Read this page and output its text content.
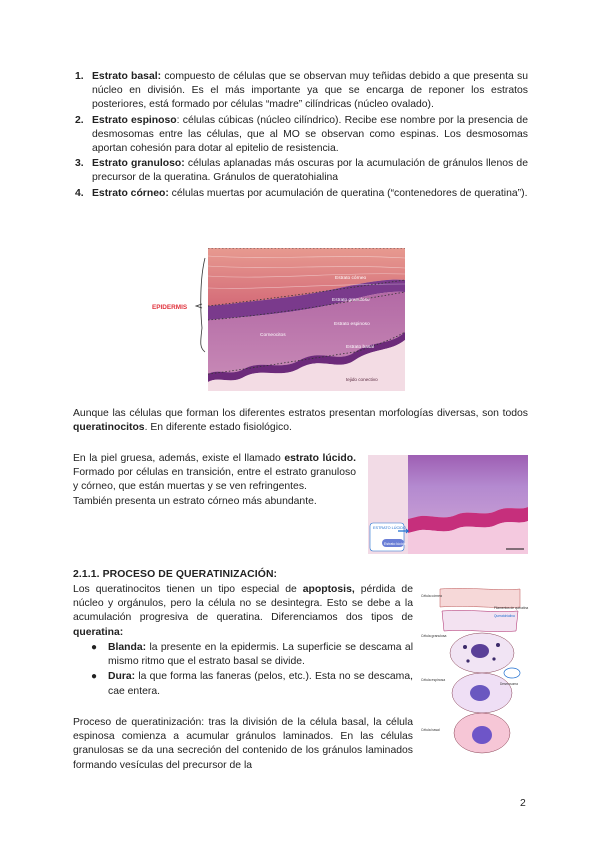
1. Estrato basal: compuesto de células que se observan muy teñidas debido a que presenta su núcleo en división. Es el más importante ya que se encarga de reponer los estratos posteriores, está formado por células “madre” cilíndricas (núcleo ovalado).
2. Estrato espinoso: células cúbicas (núcleo cilíndrico). Recibe ese nombre por la presencia de desmosomas entre las células, que al MO se observan como espinas. Los desmosomas aportan cohesión para dotar al epitelio de resistencia.
3. Estrato granuloso: células aplanadas más oscuras por la acumulación de gránulos llenos de precursor de la queratina. Gránulos de queratohialina
4. Estrato córneo: células muertas por acumulación de queratina (“contenedores de queratina”).
EPIDERMIS
Estrato córneo
Estrato granuloso
Estrato espinoso
Estrato basal
Corneocitos
tejido conectivo

Aunque las células que forman los diferentes estratos presentan morfologías diversas, son todos queratinocitos. En diferente estado fisiológico.

En la piel gruesa, además, existe el llamado estrato lúcido. Formado por células en transición, entre el estrato granuloso y córneo, que están muertas y se ven refringentes.
También presenta un estrato córneo más abundante.

ESTRATO LÚCIDO
Estrato lúcido
2.1.1. PROCESO DE QUERATINIZACIÓN:

Los queratinocitos tienen un tipo especial de apoptosis, pérdida de núcleo y orgánulos, pero la célula no se desintegra. Esto se debe a la acumulación progresiva de queratina. Diferenciamos dos tipos de queratina:

● Blanda: la presente en la epidermis. La superficie se descama al mismo ritmo que el estrato basal se divide.
● Dura: la que forma las faneras (pelos, etc.). Esta no se descama, cae entera.

Proceso de queratinización: tras la división de la célula basal, la célula espinosa comienza a acumular gránulos laminados. En las células granulosas se da una secreción del contenido de los gránulos laminados formando vesículas del precursor de la

Célula córnea
Célula granulosa
Célula espinosa
Célula basal
Filamentos de queratina
Desmosoma
Queratohialina
2
